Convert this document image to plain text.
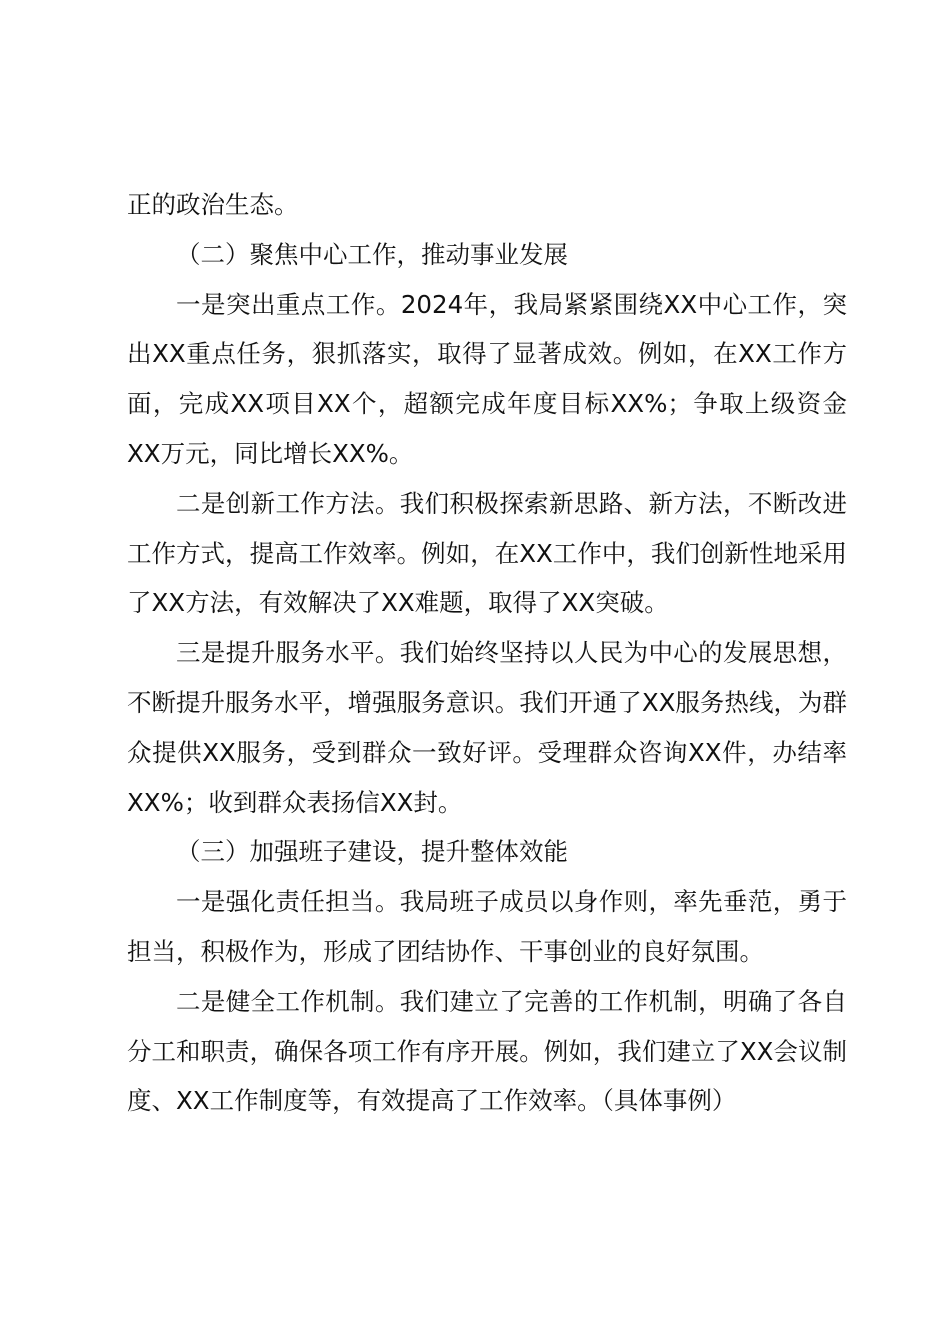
正的政治生态。

（二）聚焦中心工作，推动事业发展

一是突出重点工作。2024年，我局紧紧围绕XX中心工作，突出XX重点任务，狠抓落实，取得了显著成效。例如，在XX工作方面，完成XX项目XX个，超额完成年度目标XX%；争取上级资金XX万元，同比增长XX%。

二是创新工作方法。我们积极探索新思路、新方法，不断改进工作方式，提高工作效率。例如，在XX工作中，我们创新性地采用了XX方法，有效解决了XX难题，取得了XX突破。

三是提升服务水平。我们始终坚持以人民为中心的发展思想，不断提升服务水平，增强服务意识。我们开通了XX服务热线，为群众提供XX服务，受到群众一致好评。受理群众咨询XX件，办结率XX%；收到群众表扬信XX封。

（三）加强班子建设，提升整体效能

一是强化责任担当。我局班子成员以身作则，率先垂范，勇于担当，积极作为，形成了团结协作、干事创业的良好氛围。

二是健全工作机制。我们建立了完善的工作机制，明确了各自分工和职责，确保各项工作有序开展。例如，我们建立了XX会议制度、XX工作制度等，有效提高了工作效率。（具体事例）
